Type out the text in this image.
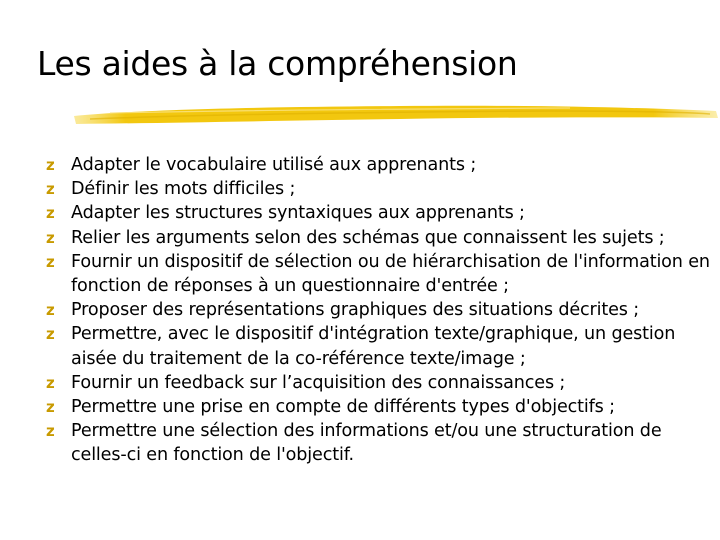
Les aides à la compréhension
z Adapter le vocabulaire utilisé aux apprenants ;
z Définir les mots difficiles ;
z Adapter les structures syntaxiques aux apprenants ;
z Relier les arguments selon des schémas que connaissent les sujets ;
z Fournir un dispositif de sélection ou de hiérarchisation de l'information en fonction de réponses à un questionnaire d'entrée ;
z Proposer des représentations graphiques des situations décrites ;
z Permettre, avec le dispositif d'intégration texte/graphique, un gestion aisée du traitement de la co-référence texte/image ;
z Fournir un feedback sur l’acquisition des connaissances ;
z Permettre une prise en compte de différents types d'objectifs ;
z Permettre une sélection des informations et/ou une structuration de celles-ci en fonction de l'objectif.
